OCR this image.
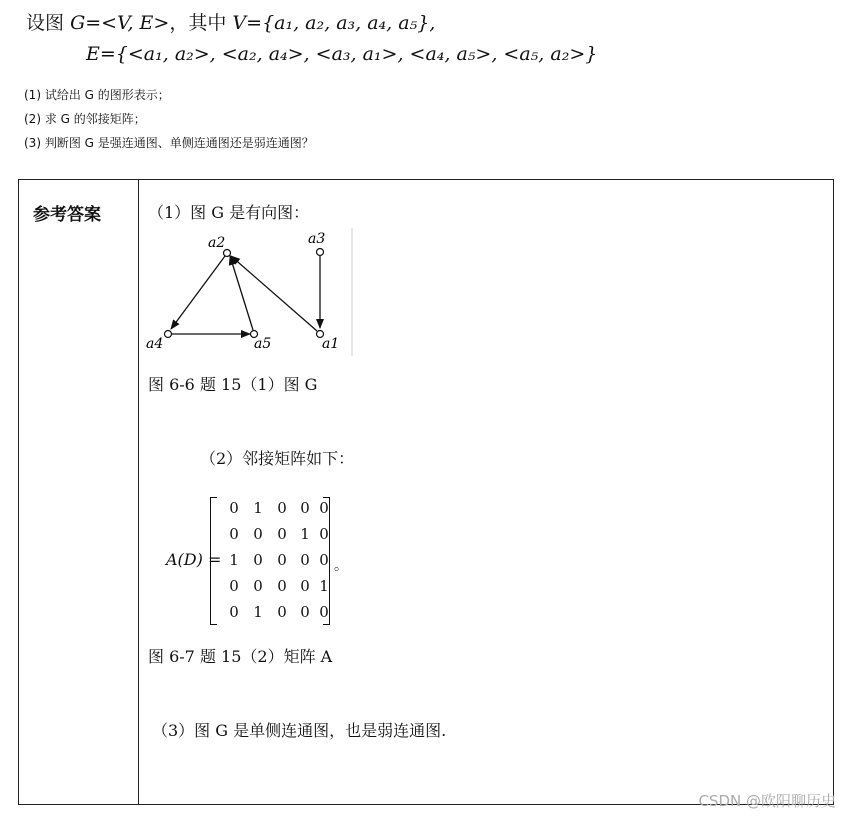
设图 G=<V, E>，其中 V={a₁, a₂, a₃, a₄, a₅},
E={<a₁, a₂>, <a₂, a₄>, <a₃, a₁>, <a₄, a₅>, <a₅, a₂>}
(1) 试给出 G 的图形表示；
(2) 求 G 的邻接矩阵；
(3) 判断图 G 是强连通图、单侧连通图还是弱连通图？
参考答案	（1）图 G 是有向图：
a2	a3
a4	a5	a1
图 6-6 题 15（1）图 G
（2）邻接矩阵如下：
A(D) =
0 1 0 0 0
0 0 0 1 0
1 0 0 0 0
0 0 0 0 1
0 1 0 0 0
。
图 6-7 题 15（2）矩阵 A
（3）图 G 是单侧连通图，也是弱连通图.
CSDN @欧阳聊历史
